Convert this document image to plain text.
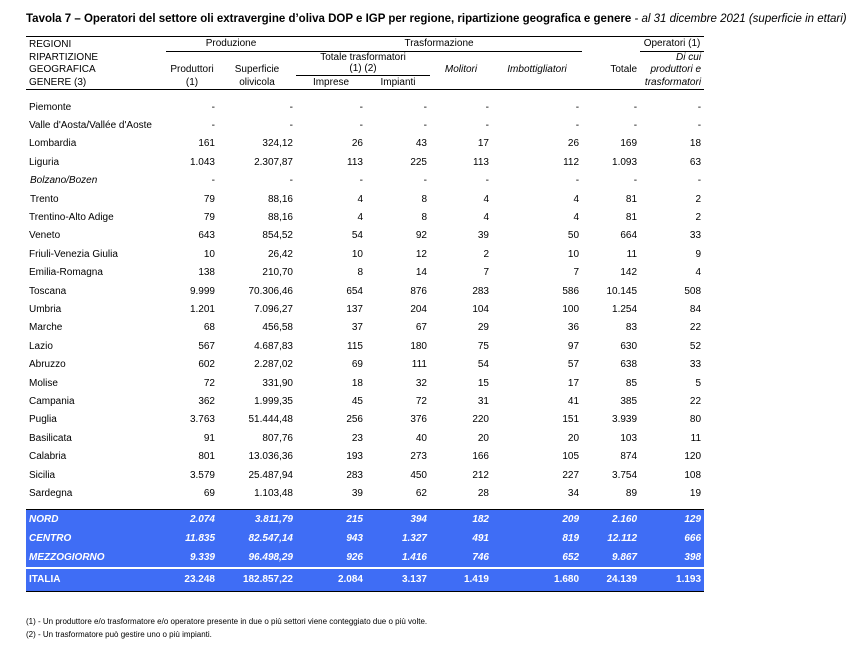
Tavola 7 – Operatori del settore oli extravergine d’oliva DOP e IGP per regione, ripartizione geografica e genere - al 31 dicembre 2021 (superficie in ettari)
REGIONI	Produzione		Trasformazione					Operatori (1)
RIPARTIZIONE			Totale trasformatori					Di cui
GEOGRAFICA	Produttori	Superficie	(1) (2)		Molitori	Imbottigliatori	Totale	produttori e
GENERE (3)	(1)	olivicola	Imprese	Impianti				trasformatori

Piemonte	-	-	-	-	-	-	-	-
Valle d'Aosta/Vallée d'Aoste	-	-	-	-	-	-	-	-
Lombardia	161	324,12	26	43	17	26	169	18
Liguria	1.043	2.307,87	113	225	113	112	1.093	63
Bolzano/Bozen	-	-	-	-	-	-	-	-
Trento	79	88,16	4	8	4	4	81	2
Trentino-Alto Adige	79	88,16	4	8	4	4	81	2
Veneto	643	854,52	54	92	39	50	664	33
Friuli-Venezia Giulia	10	26,42	10	12	2	10	11	9
Emilia-Romagna	138	210,70	8	14	7	7	142	4
Toscana	9.999	70.306,46	654	876	283	586	10.145	508
Umbria	1.201	7.096,27	137	204	104	100	1.254	84
Marche	68	456,58	37	67	29	36	83	22
Lazio	567	4.687,83	115	180	75	97	630	52
Abruzzo	602	2.287,02	69	111	54	57	638	33
Molise	72	331,90	18	32	15	17	85	5
Campania	362	1.999,35	45	72	31	41	385	22
Puglia	3.763	51.444,48	256	376	220	151	3.939	80
Basilicata	91	807,76	23	40	20	20	103	11
Calabria	801	13.036,36	193	273	166	105	874	120
Sicilia	3.579	25.487,94	283	450	212	227	3.754	108
Sardegna	69	1.103,48	39	62	28	34	89	19

NORD	2.074	3.811,79	215	394	182	209	2.160	129
CENTRO	11.835	82.547,14	943	1.327	491	819	12.112	666
MEZZOGIORNO	9.339	96.498,29	926	1.416	746	652	9.867	398
ITALIA	23.248	182.857,22	2.084	3.137	1.419	1.680	24.139	1.193
(1) - Un produttore e/o trasformatore e/o operatore presente in due o più settori viene conteggiato due o più volte.
(2) - Un trasformatore può gestire uno o più impianti.
